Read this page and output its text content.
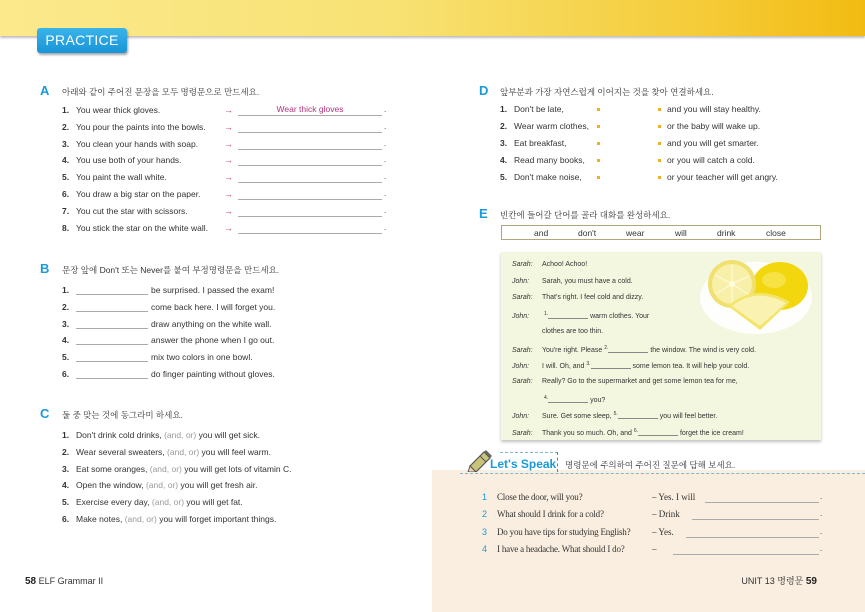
PRACTICE
A 아래와 같이 주어진 문장을 모두 명령문으로 만드세요.
1. You wear thick gloves.	→	Wear thick gloves	.
2. You pour the paints into the bowls. →	.
3. You clean your hands with soap.	→	.
4. You use both of your hands.	→	.
5. You paint the wall white.	→	.
6. You draw a big star on the paper.	→	.
7. You cut the star with scissors.	→	.
8. You stick the star on the white wall. →	.
B 문장 앞에 Don't 또는 Never를 붙여 부정명령문을 만드세요.
1.	be surprised. I passed the exam!
2.	come back here. I will forget you.
3.	draw anything on the white wall.
4.	answer the phone when I go out.
5.	mix two colors in one bowl.
6.	do finger painting without gloves.
C 둘 중 맞는 것에 동그라미 하세요.
1. Don't drink cold drinks, (and, or) you will get sick.
2. Wear several sweaters, (and, or) you will feel warm.
3. Eat some oranges, (and, or) you will get lots of vitamin C.
4. Open the window, (and, or) you will get fresh air.
5. Exercise every day, (and, or) you will get fat.
6. Make notes, (and, or) you will forget important things.
D 앞부분과 가장 자연스럽게 이어지는 것을 찾아 연결하세요.
1. Don't be late,	and you will stay healthy.
2. Wear warm clothes,	or the baby will wake up.
3. Eat breakfast,	and you will get smarter.
4. Read many books,	or you will catch a cold.
5. Don't make noise,	or your teacher will get angry.
E 빈칸에 들어갈 단어를 골라 대화를 완성하세요.
and	don't	wear	will	drink	close
Sarah: Achoo! Achoo!
John: Sarah, you must have a cold.
Sarah: That's right. I feel cold and dizzy.
John:	$^{1.}$	warm clothes. Your
clothes are too thin.
Sarah: You're right. Please $^{2.}$	the window. The wind is very cold.
John: I will. Oh, and $^{3.}$	some lemon tea. It will help your cold.
Sarah: Really? Go to the supermarket and get some lemon tea for me,
$^{4.}$	you?
John: Sure. Get some sleep, $^{5.}$	you will feel better.
Sarah: Thank you so much. Oh, and $^{6.}$	forget the ice cream!
Let's Speak 명령문에 주의하여 주어진 질문에 답해 보세요.
1 Close the door, will you?	– Yes. I will	.
2 What should I drink for a cold?	– Drink	.
3 Do you have tips for studying English? – Yes.	.
4 I have a headache. What should I do?	–	.
58 ELF Grammar II	UNIT 13 명령문 59
